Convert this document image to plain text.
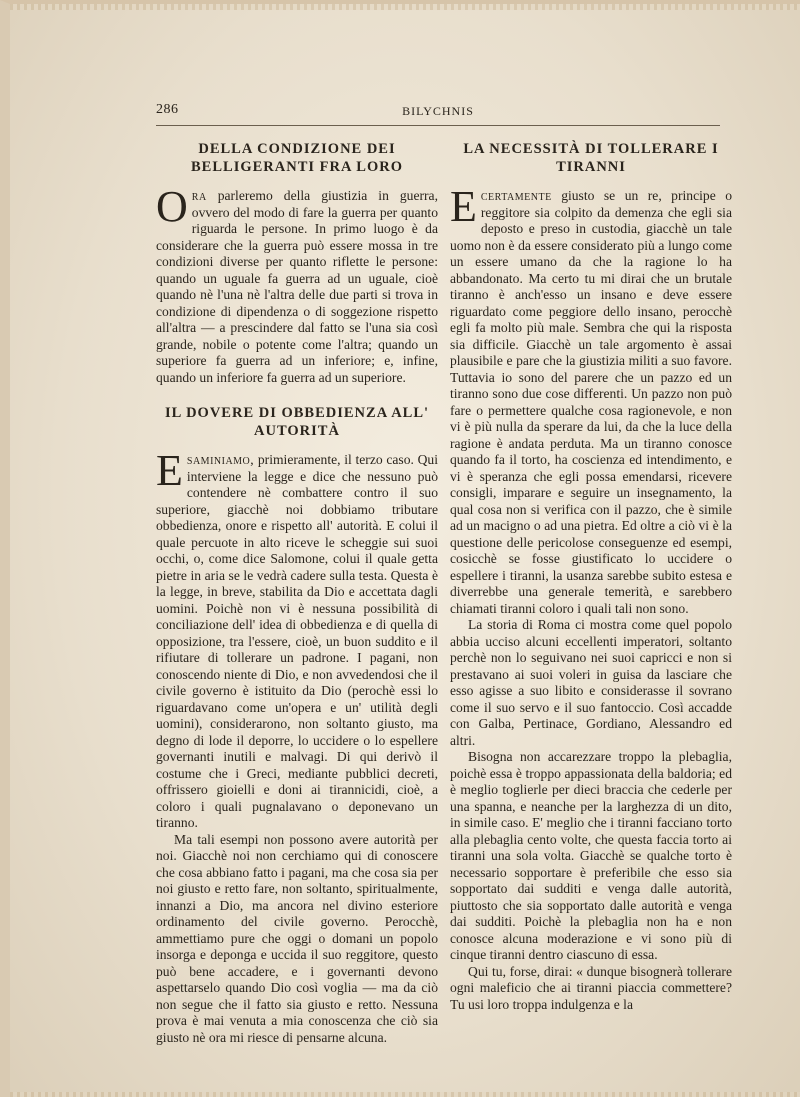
286	BILYCHNIS
DELLA CONDIZIONE DEI BELLIGERANTI FRA LORO

Ora parleremo della giustizia in guerra, ovvero del modo di fare la guerra per quanto riguarda le persone. In primo luogo è da considerare che la guerra può essere mossa in tre condizioni diverse per quanto riflette le persone: quando un uguale fa guerra ad un uguale, cioè quando nè l'una nè l'altra delle due parti si trova in condizione di dipendenza o di soggezione rispetto all'altra — a prescindere dal fatto se l'una sia così grande, nobile o potente come l'altra; quando un superiore fa guerra ad un inferiore; e, infine, quando un inferiore fa guerra ad un superiore.

IL DOVERE DI OBBEDIENZA ALL' AUTORITÀ

Esaminiamo, primieramente, il terzo caso. Qui interviene la legge e dice che nessuno può contendere nè combattere contro il suo superiore, giacchè noi dobbiamo tributare obbedienza, onore e rispetto all' autorità. E colui il quale percuote in alto riceve le scheggie sui suoi occhi, o, come dice Salomone, colui il quale getta pietre in aria se le vedrà cadere sulla testa. Questa è la legge, in breve, stabilita da Dio e accettata dagli uomini. Poichè non vi è nessuna possibilità di conciliazione dell' idea di obbedienza e di quella di opposizione, tra l'essere, cioè, un buon suddito e il rifiutare di tollerare un padrone. I pagani, non conoscendo niente di Dio, e non avvedendosi che il civile governo è istituito da Dio (perochè essi lo riguardavano come un'opera e un' utilità degli uomini), considerarono, non soltanto giusto, ma degno di lode il deporre, lo uccidere o lo espellere governanti inutili e malvagi. Di qui derivò il costume che i Greci, mediante pubblici decreti, offrissero gioielli e doni ai tirannicidi, cioè, a coloro i quali pugnalavano o deponevano un tiranno.

Ma tali esempi non possono avere autorità per noi. Giacchè noi non cerchiamo qui di conoscere che cosa abbiano fatto i pagani, ma che cosa sia per noi giusto e retto fare, non soltanto, spiritualmente, innanzi a Dio, ma ancora nel divino esteriore ordinamento del civile governo. Perocchè, ammettiamo pure che oggi o domani un popolo insorga e deponga e uccida il suo reggitore, questo può bene accadere, e i governanti devono aspettarselo quando Dio così voglia — ma da ciò non segue che il fatto sia giusto e retto. Nessuna prova è mai venuta a mia conoscenza che ciò sia giusto nè ora mi riesce di pensarne alcuna.

LA NECESSITÀ DI TOLLERARE I TIRANNI

Ecertamente giusto se un re, principe o reggitore sia colpito da demenza che egli sia deposto e preso in custodia, giacchè un tale uomo non è da essere considerato più a lungo come un essere umano da che la ragione lo ha abbandonato. Ma certo tu mi dirai che un brutale tiranno è anch'esso un insano e deve essere riguardato come peggiore dello insano, perocchè egli fa molto più male. Sembra che qui la risposta sia difficile. Giacchè un tale argomento è assai plausibile e pare che la giustizia militi a suo favore. Tuttavia io sono del parere che un pazzo ed un tiranno sono due cose differenti. Un pazzo non può fare o permettere qualche cosa ragionevole, e non vi è più nulla da sperare da lui, da che la luce della ragione è andata perduta. Ma un tiranno conosce quando fa il torto, ha coscienza ed intendimento, e vi è speranza che egli possa emendarsi, ricevere consigli, imparare e seguire un insegnamento, la qual cosa non si verifica con il pazzo, che è simile ad un macigno o ad una pietra. Ed oltre a ciò vi è la questione delle pericolose conseguenze ed esempi, cosicchè se fosse giustificato lo uccidere o espellere i tiranni, la usanza sarebbe subito estesa e diverrebbe una generale temerità, e sarebbero chiamati tiranni coloro i quali tali non sono.

La storia di Roma ci mostra come quel popolo abbia ucciso alcuni eccellenti imperatori, soltanto perchè non lo seguivano nei suoi capricci e non si prestavano ai suoi voleri in guisa da lasciare che esso agisse a suo libito e considerasse il sovrano come il suo servo e il suo fantoccio. Così accadde con Galba, Pertinace, Gordiano, Alessandro ed altri.

Bisogna non accarezzare troppo la plebaglia, poichè essa è troppo appassionata della baldoria; ed è meglio toglierle per dieci braccia che cederle per una spanna, e neanche per la larghezza di un dito, in simile caso. E' meglio che i tiranni facciano torto alla plebaglia cento volte, che questa faccia torto ai tiranni una sola volta. Giacchè se qualche torto è necessario sopportare è preferibile che esso sia sopportato dai sudditi e venga dalle autorità, piuttosto che sia sopportato dalle autorità e venga dai sudditi. Poichè la plebaglia non ha e non conosce alcuna moderazione e vi sono più di cinque tiranni dentro ciascuno di essa.

Qui tu, forse, dirai: « dunque bisognerà tollerare ogni maleficio che ai tiranni piaccia commettere? Tu usi loro troppa indulgenza e la
